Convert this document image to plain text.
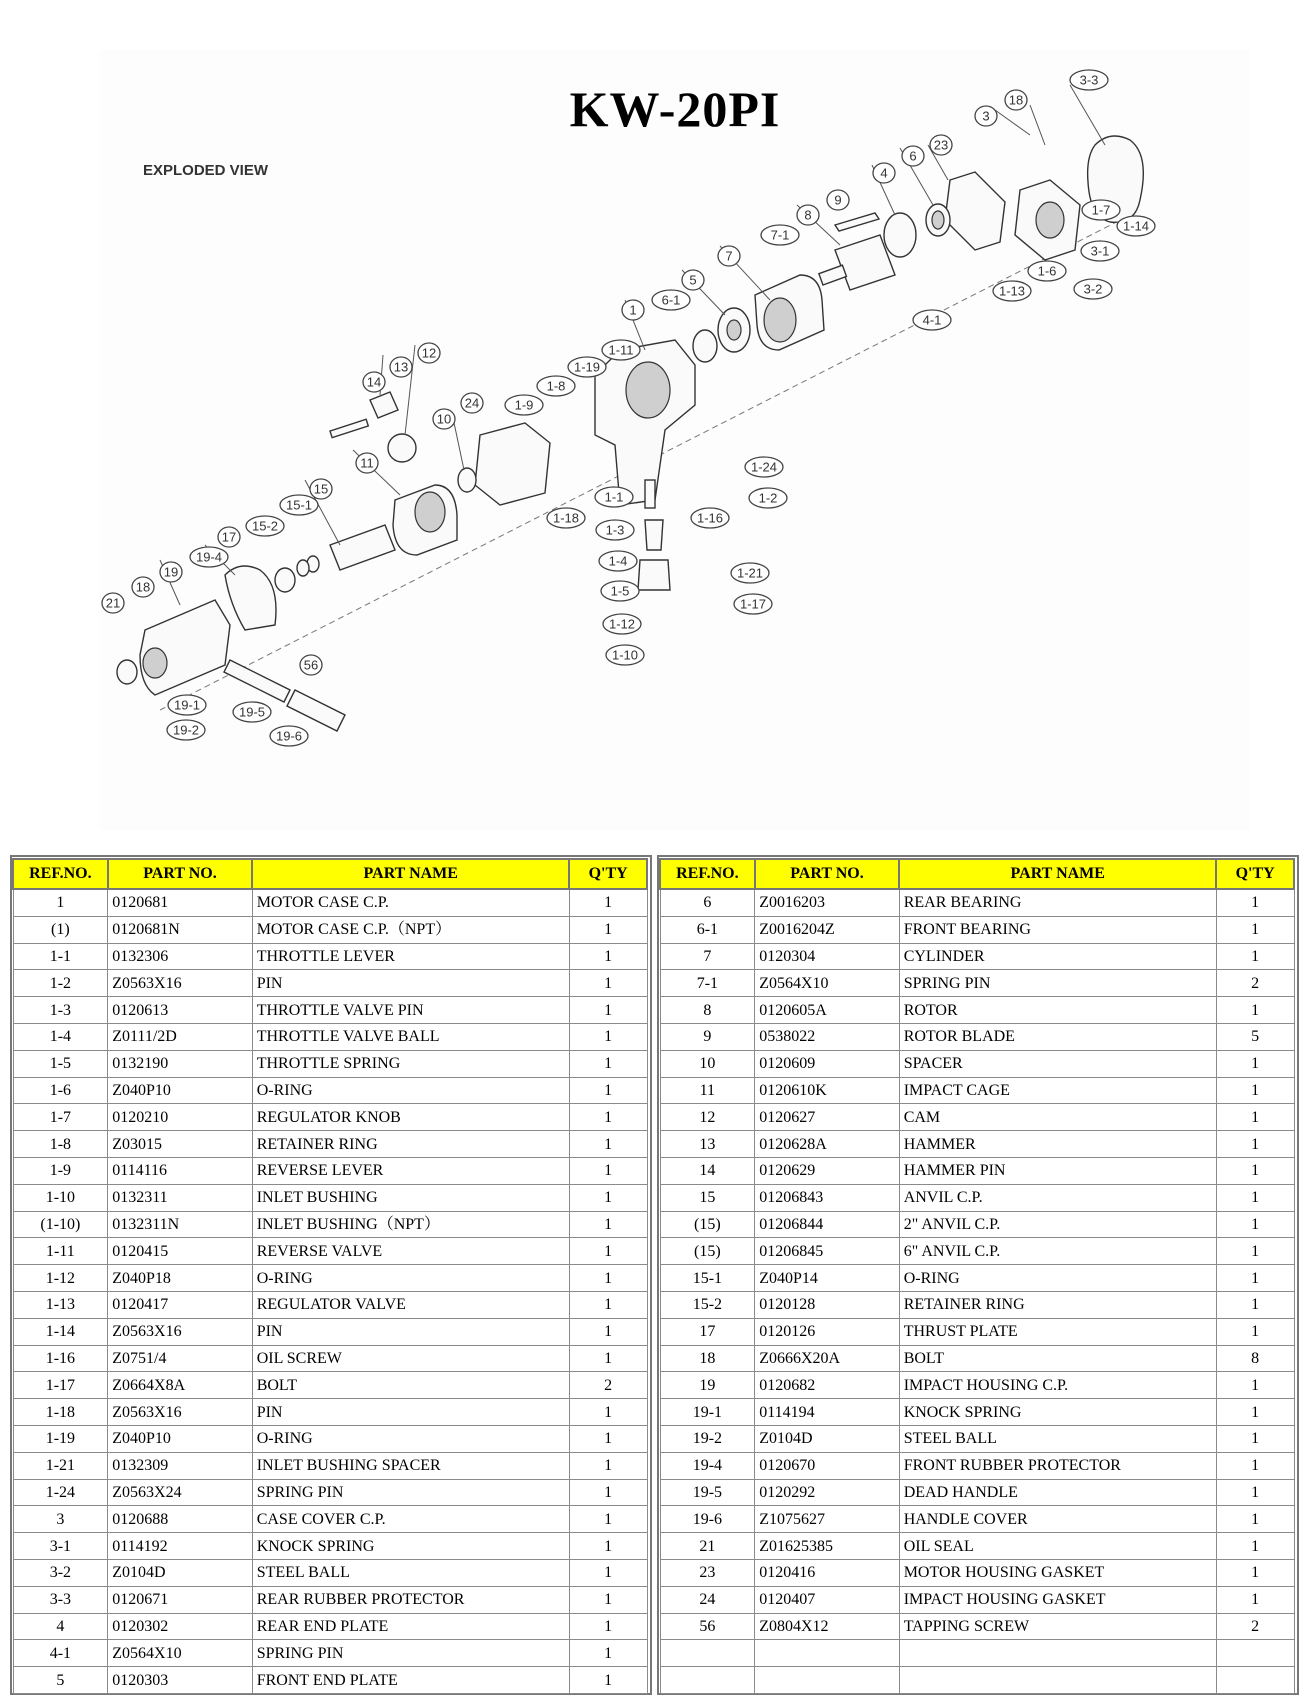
KW-20PI
EXPLODED VIEW
3-3
18
3
23
6
4
9
8
7-1
7
5
6-1
1
1-7
1-14
1-6
3-1
3-2
1-13
4-1
1-11
1-19
1-8
1-9
12
13
14
10
24
11
1-18
1-1
1-24
1-2
1-16
1-3
1-4
1-5
1-12
1-10
1-21
1-17
15
15-1
15-2
17
19-4
19
18
21
56
19-1
19-2
19-5
19-6
REF.NO.	PART NO.	PART NAME	Q'TY
1	0120681	MOTOR CASE C.P.	1
(1)	0120681N	MOTOR CASE C.P.（NPT）	1
1-1	0132306	THROTTLE LEVER	1
1-2	Z0563X16	PIN	1
1-3	0120613	THROTTLE VALVE PIN	1
1-4	Z0111/2D	THROTTLE VALVE BALL	1
1-5	0132190	THROTTLE SPRING	1
1-6	Z040P10	O-RING	1
1-7	0120210	REGULATOR KNOB	1
1-8	Z03015	RETAINER RING	1
1-9	0114116	REVERSE LEVER	1
1-10	0132311	INLET BUSHING	1
(1-10)	0132311N	INLET BUSHING（NPT）	1
1-11	0120415	REVERSE VALVE	1
1-12	Z040P18	O-RING	1
1-13	0120417	REGULATOR VALVE	1
1-14	Z0563X16	PIN	1
1-16	Z0751/4	OIL SCREW	1
1-17	Z0664X8A	BOLT	2
1-18	Z0563X16	PIN	1
1-19	Z040P10	O-RING	1
1-21	0132309	INLET BUSHING SPACER	1
1-24	Z0563X24	SPRING PIN	1
3	0120688	CASE COVER C.P.	1
3-1	0114192	KNOCK SPRING	1
3-2	Z0104D	STEEL BALL	1
3-3	0120671	REAR RUBBER PROTECTOR	1
4	0120302	REAR END PLATE	1
4-1	Z0564X10	SPRING PIN	1
5	0120303	FRONT END PLATE	1
REF.NO.	PART NO.	PART NAME	Q'TY
6	Z0016203	REAR BEARING	1
6-1	Z0016204Z	FRONT BEARING	1
7	0120304	CYLINDER	1
7-1	Z0564X10	SPRING PIN	2
8	0120605A	ROTOR	1
9	0538022	ROTOR BLADE	5
10	0120609	SPACER	1
11	0120610K	IMPACT CAGE	1
12	0120627	CAM	1
13	0120628A	HAMMER	1
14	0120629	HAMMER PIN	1
15	01206843	ANVIL C.P.	1
(15)	01206844	2" ANVIL C.P.	1
(15)	01206845	6" ANVIL C.P.	1
15-1	Z040P14	O-RING	1
15-2	0120128	RETAINER RING	1
17	0120126	THRUST PLATE	1
18	Z0666X20A	BOLT	8
19	0120682	IMPACT HOUSING C.P.	1
19-1	0114194	KNOCK SPRING	1
19-2	Z0104D	STEEL BALL	1
19-4	0120670	FRONT RUBBER PROTECTOR	1
19-5	0120292	DEAD HANDLE	1
19-6	Z1075627	HANDLE COVER	1
21	Z01625385	OIL SEAL	1
23	0120416	MOTOR HOUSING GASKET	1
24	0120407	IMPACT HOUSING GASKET	1
56	Z0804X12	TAPPING SCREW	2
